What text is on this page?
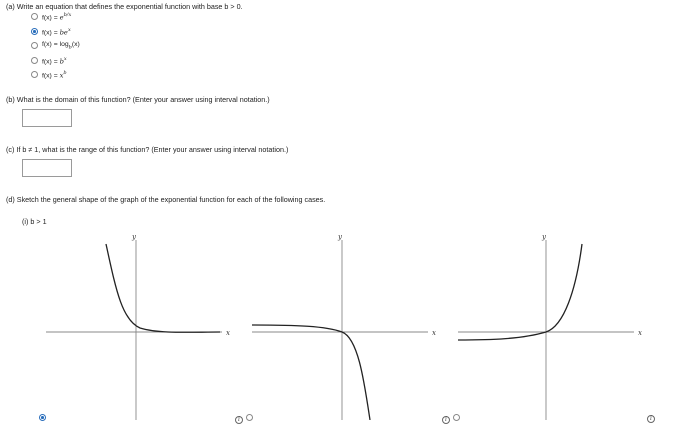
(a) Write an equation that defines the exponential function with base b > 0.
$f(x) = e^{b/x}$
$f(x) = be^x$
$f(x) = \log_b(x)$
$f(x) = b^x$
$f(x) = x^b$
(b) What is the domain of this function? (Enter your answer using interval notation.)
(c) If b ≠ 1, what is the range of this function? (Enter your answer using interval notation.)
(d) Sketch the general shape of the graph of the exponential function for each of the following cases.
(i) b > 1
x
y
x
y
x
y
i	i	i
